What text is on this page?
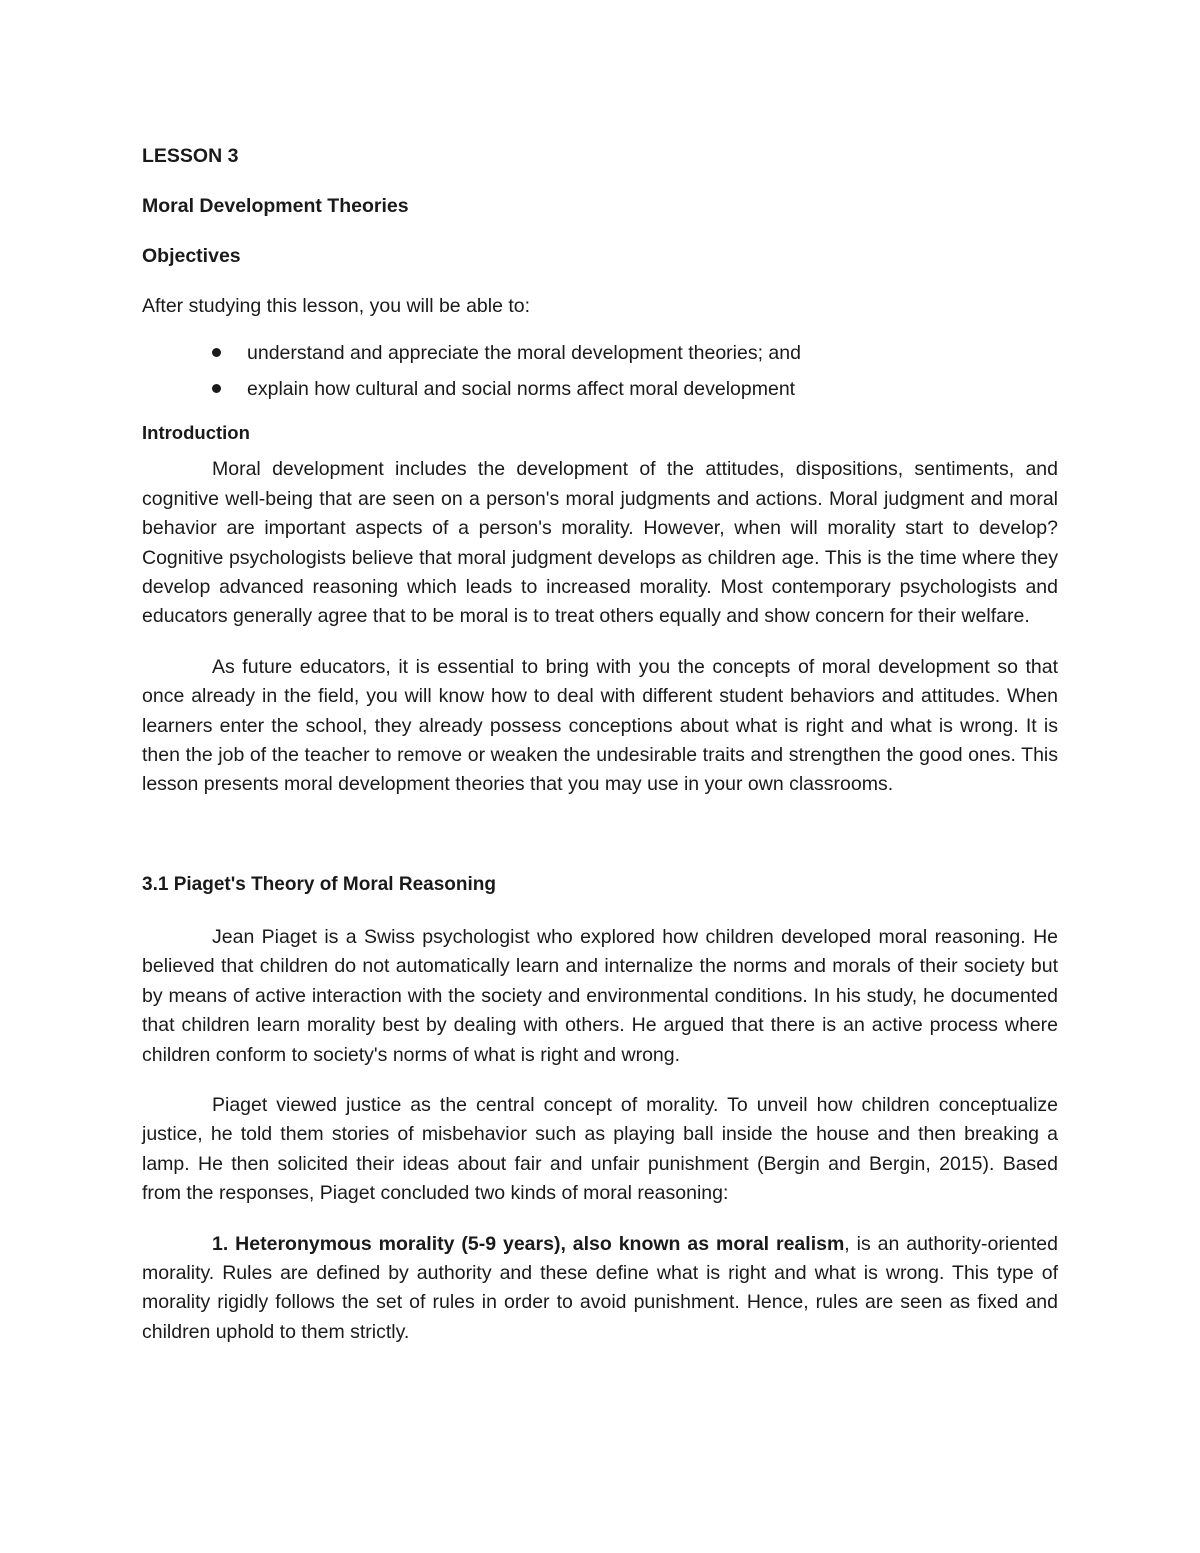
LESSON 3

Moral Development Theories

Objectives

After studying this lesson, you will be able to:

understand and appreciate the moral development theories; and
explain how cultural and social norms affect moral development

Introduction

Moral development includes the development of the attitudes, dispositions, sentiments, and cognitive well-being that are seen on a person's moral judgments and actions. Moral judgment and moral behavior are important aspects of a person's morality. However, when will morality start to develop? Cognitive psychologists believe that moral judgment develops as children age. This is the time where they develop advanced reasoning which leads to increased morality. Most contemporary psychologists and educators generally agree that to be moral is to treat others equally and show concern for their welfare.

As future educators, it is essential to bring with you the concepts of moral development so that once already in the field, you will know how to deal with different student behaviors and attitudes. When learners enter the school, they already possess conceptions about what is right and what is wrong. It is then the job of the teacher to remove or weaken the undesirable traits and strengthen the good ones. This lesson presents moral development theories that you may use in your own classrooms.

3.1 Piaget's Theory of Moral Reasoning

Jean Piaget is a Swiss psychologist who explored how children developed moral reasoning. He believed that children do not automatically learn and internalize the norms and morals of their society but by means of active interaction with the society and environmental conditions. In his study, he documented that children learn morality best by dealing with others. He argued that there is an active process where children conform to society's norms of what is right and wrong.

Piaget viewed justice as the central concept of morality. To unveil how children conceptualize justice, he told them stories of misbehavior such as playing ball inside the house and then breaking a lamp. He then solicited their ideas about fair and unfair punishment (Bergin and Bergin, 2015). Based from the responses, Piaget concluded two kinds of moral reasoning:

1. Heteronymous morality (5-9 years), also known as moral realism, is an authority-oriented morality. Rules are defined by authority and these define what is right and what is wrong. This type of morality rigidly follows the set of rules in order to avoid punishment. Hence, rules are seen as fixed and children uphold to them strictly.
